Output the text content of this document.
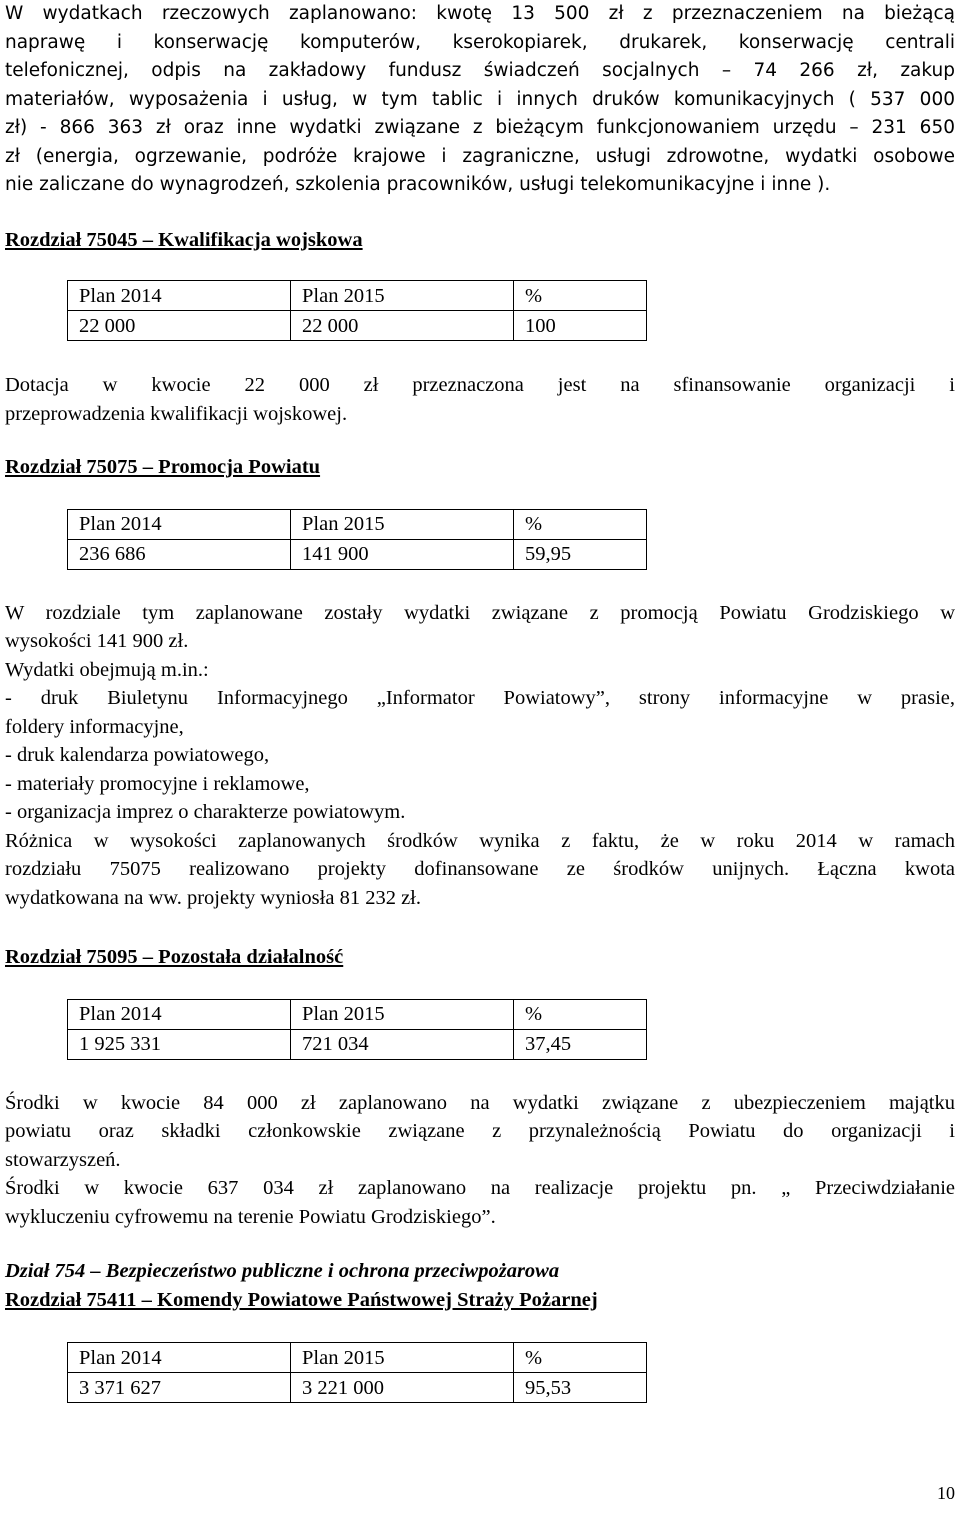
W wydatkach rzeczowych zaplanowano: kwotę 13 500 zł z przeznaczeniem na bieżącą

naprawę i konserwację komputerów, kserokopiarek, drukarek, konserwację centrali

telefonicznej, odpis na zakładowy fundusz świadczeń socjalnych – 74 266 zł, zakup

materiałów, wyposażenia i usług, w tym tablic i innych druków komunikacyjnych ( 537 000

zł) - 866 363 zł oraz inne wydatki związane z bieżącym funkcjonowaniem urzędu – 231 650

zł (energia, ogrzewanie, podróże krajowe i zagraniczne, usługi zdrowotne, wydatki osobowe

nie zaliczane do wynagrodzeń, szkolenia pracowników, usługi telekomunikacyjne i inne ).

Rozdział 75045 – Kwalifikacja wojskowa

Plan 2014	Plan 2015	%
22 000	22 000	100

Dotacja w kwocie 22 000 zł przeznaczona jest na sfinansowanie organizacji i

przeprowadzenia kwalifikacji wojskowej.

Rozdział 75075 – Promocja Powiatu

Plan 2014	Plan 2015	%
236 686	141 900	59,95

W rozdziale tym zaplanowane zostały wydatki związane z promocją Powiatu Grodziskiego w

wysokości 141 900 zł.

Wydatki obejmują m.in.:

- druk Biuletynu Informacyjnego „Informator Powiatowy”, strony informacyjne w prasie,

foldery informacyjne,

- druk kalendarza powiatowego,

- materiały promocyjne i reklamowe,

- organizacja imprez o charakterze powiatowym.

Różnica w wysokości zaplanowanych środków wynika z faktu, że w roku 2014 w ramach

rozdziału 75075 realizowano projekty dofinansowane ze środków unijnych. Łączna kwota

wydatkowana na ww. projekty wyniosła 81 232 zł.

Rozdział 75095 – Pozostała działalność

Plan 2014	Plan 2015	%
1 925 331	721 034	37,45

Środki w kwocie 84 000 zł zaplanowano na wydatki związane z ubezpieczeniem majątku

powiatu oraz składki członkowskie związane z przynależnością Powiatu do organizacji i

stowarzyszeń.

Środki w kwocie 637 034 zł zaplanowano na realizacje projektu pn. „ Przeciwdziałanie

wykluczeniu cyfrowemu na terenie Powiatu Grodziskiego”.

Dział 754 – Bezpieczeństwo publiczne i ochrona przeciwpożarowa

Rozdział 75411 – Komendy Powiatowe Państwowej Straży Pożarnej

Plan 2014	Plan 2015	%
3 371 627	3 221 000	95,53
10
